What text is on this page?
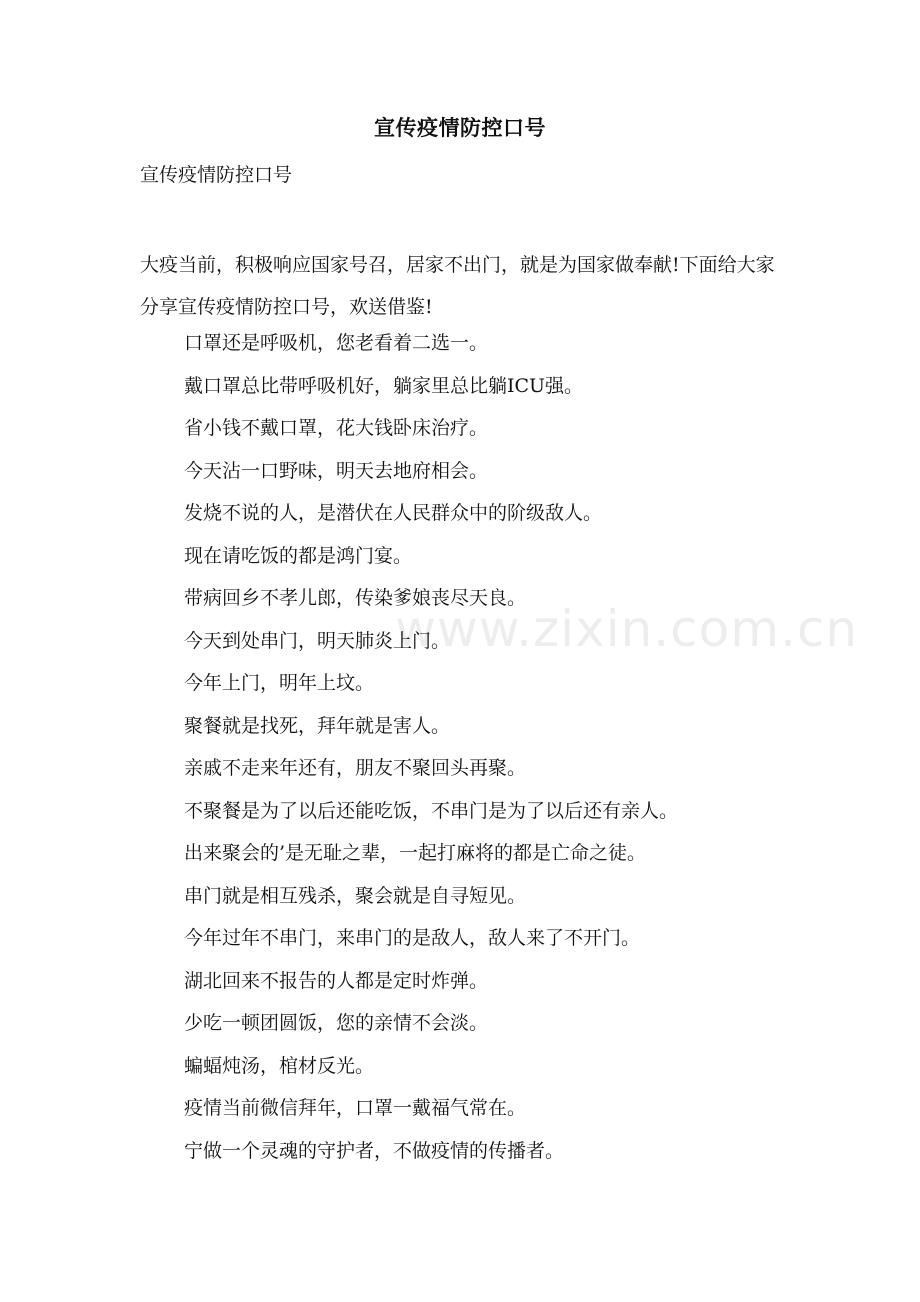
宣传疫情防控口号
宣传疫情防控口号
大疫当前，积极响应国家号召，居家不出门，就是为国家做奉献!下面给大家分享宣传疫情防控口号，欢送借鉴!
口罩还是呼吸机，您老看着二选一。
戴口罩总比带呼吸机好，躺家里总比躺ICU强。
省小钱不戴口罩，花大钱卧床治疗。
今天沾一口野味，明天去地府相会。
发烧不说的人，是潜伏在人民群众中的阶级敌人。
现在请吃饭的都是鸿门宴。
带病回乡不孝儿郎，传染爹娘丧尽天良。
今天到处串门，明天肺炎上门。
今年上门，明年上坟。
聚餐就是找死，拜年就是害人。
亲戚不走来年还有，朋友不聚回头再聚。
不聚餐是为了以后还能吃饭，不串门是为了以后还有亲人。
出来聚会的’是无耻之辈，一起打麻将的都是亡命之徒。
串门就是相互残杀，聚会就是自寻短见。
今年过年不串门，来串门的是敌人，敌人来了不开门。
湖北回来不报告的人都是定时炸弹。
少吃一顿团圆饭，您的亲情不会淡。
蝙蝠炖汤，棺材反光。
疫情当前微信拜年，口罩一戴福气常在。
宁做一个灵魂的守护者，不做疫情的传播者。
www.zixin.com.cn
